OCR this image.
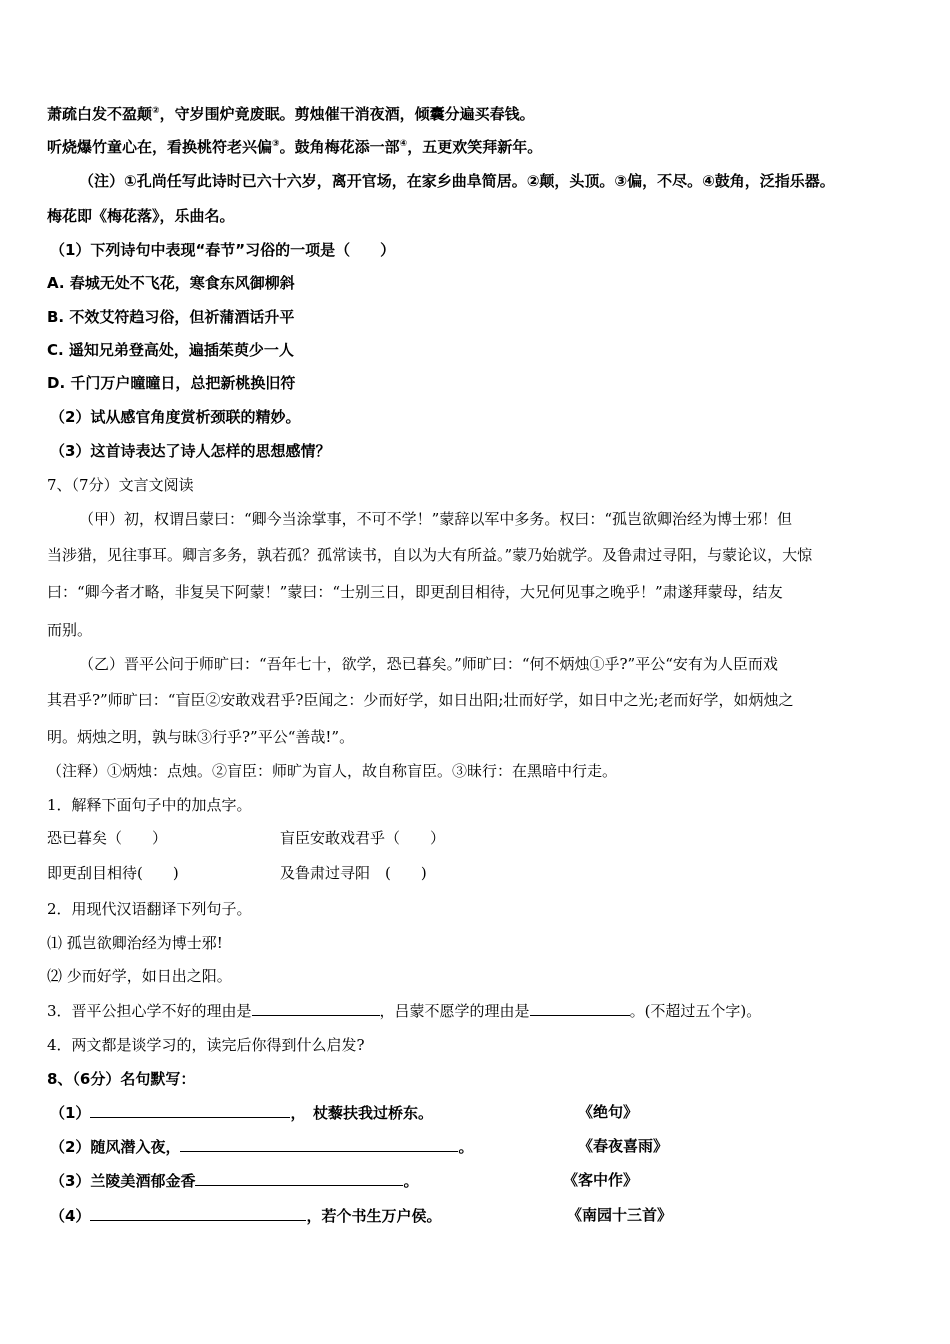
萧疏白发不盈颠②，守岁围炉竟废眠。剪烛催干消夜酒，倾囊分遍买春钱。
听烧爆竹童心在，看换桃符老兴偏③。鼓角梅花添一部④，五更欢笑拜新年。
（注）①孔尚任写此诗时已六十六岁，离开官场，在家乡曲阜简居。②颠，头顶。③偏，不尽。④鼓角，泛指乐器。
梅花即《梅花落》，乐曲名。
（1）下列诗句中表现“春节”习俗的一项是（　　）
A. 春城无处不飞花，寒食东风御柳斜
B. 不效艾符趋习俗，但祈蒲酒话升平
C. 遥知兄弟登高处，遍插茱萸少一人
D. 千门万户曈曈日，总把新桃换旧符
（2）试从感官角度赏析颈联的精妙。
（3）这首诗表达了诗人怎样的思想感情？
7、（7分）文言文阅读
（甲）初，权谓吕蒙曰：“卿今当涂掌事，不可不学！”蒙辞以军中多务。权曰：“孤岂欲卿治经为博士邪！但
当涉猎，见往事耳。卿言多务，孰若孤？孤常读书，自以为大有所益。”蒙乃始就学。及鲁肃过寻阳，与蒙论议，大惊
曰：“卿今者才略，非复吴下阿蒙！”蒙曰：“士别三日，即更刮目相待，大兄何见事之晚乎！”肃遂拜蒙母，结友
而别。
（乙）晋平公问于师旷曰：“吾年七十，欲学，恐已暮矣。”师旷曰：“何不炳烛①乎?”平公“安有为人臣而戏
其君乎?”师旷曰：“盲臣②安敢戏君乎?臣闻之：少而好学，如日出阳;壮而好学，如日中之光;老而好学，如炳烛之
明。炳烛之明，孰与昧③行乎?”平公“善哉!”。
（注释）①炳烛：点烛。②盲臣：师旷为盲人，故自称盲臣。③昧行：在黑暗中行走。
1．解释下面句子中的加点字。
恐已暮矣（　　）	盲臣安敢戏君乎（　　）
即更刮目相待(　　)	及鲁肃过寻阳　(　　)
2．用现代汉语翻译下列句子。
⑴ 孤岂欲卿治经为博士邪!
⑵ 少而好学，如日出之阳。
3．晋平公担心学不好的理由是	，吕蒙不愿学的理由是	。(不超过五个字)。
4．两文都是谈学习的，读完后你得到什么启发?
8、（6分）名句默写：
（1）	，　杖藜扶我过桥东。	《绝句》
（2）随风潜入夜，	。	《春夜喜雨》
（3）兰陵美酒郁金香	。	《客中作》
（4）	，若个书生万户侯。	《南园十三首》
